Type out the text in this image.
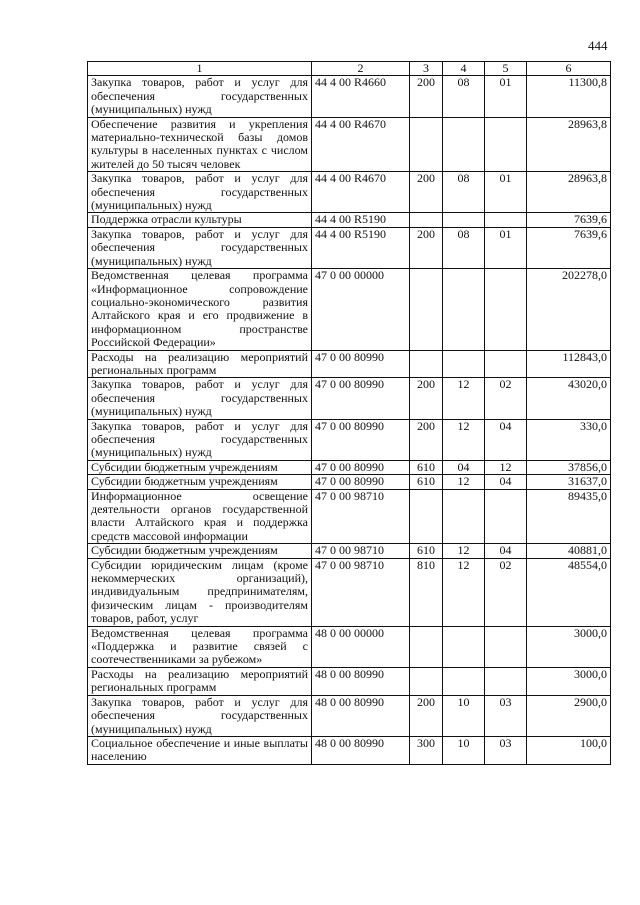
444
1	2	3	4	5	6
Закупка товаров, работ и услуг для обеспечения государственных (муниципальных) нужд	44 4 00 R4660	200	08	01	11300,8
Обеспечение развития и укрепления материально-технической базы домов культуры в населенных пунктах с числом жителей до 50 тысяч человек	44 4 00 R4670				28963,8
Закупка товаров, работ и услуг для обеспечения государственных (муниципальных) нужд	44 4 00 R4670	200	08	01	28963,8
Поддержка отрасли культуры	44 4 00 R5190				7639,6
Закупка товаров, работ и услуг для обеспечения государственных (муниципальных) нужд	44 4 00 R5190	200	08	01	7639,6
Ведомственная целевая программа «Информационное сопровождение социально-экономического развития Алтайского края и его продвижение в информационном пространстве Российской Федерации»	47 0 00 00000				202278,0
Расходы на реализацию мероприятий региональных программ	47 0 00 80990				112843,0
Закупка товаров, работ и услуг для обеспечения государственных (муниципальных) нужд	47 0 00 80990	200	12	02	43020,0
Закупка товаров, работ и услуг для обеспечения государственных (муниципальных) нужд	47 0 00 80990	200	12	04	330,0
Субсидии бюджетным учреждениям	47 0 00 80990	610	04	12	37856,0
Субсидии бюджетным учреждениям	47 0 00 80990	610	12	04	31637,0
Информационное освещение деятельности органов государственной власти Алтайского края и поддержка средств массовой информации	47 0 00 98710				89435,0
Субсидии бюджетным учреждениям	47 0 00 98710	610	12	04	40881,0
Субсидии юридическим лицам (кроме некоммерческих организаций), индивидуальным предпринимателям, физическим лицам - производителям товаров, работ, услуг	47 0 00 98710	810	12	02	48554,0
Ведомственная целевая программа «Поддержка и развитие связей с соотечественниками за рубежом»	48 0 00 00000				3000,0
Расходы на реализацию мероприятий региональных программ	48 0 00 80990				3000,0
Закупка товаров, работ и услуг для обеспечения государственных (муниципальных) нужд	48 0 00 80990	200	10	03	2900,0
Социальное обеспечение и иные выплаты населению	48 0 00 80990	300	10	03	100,0
